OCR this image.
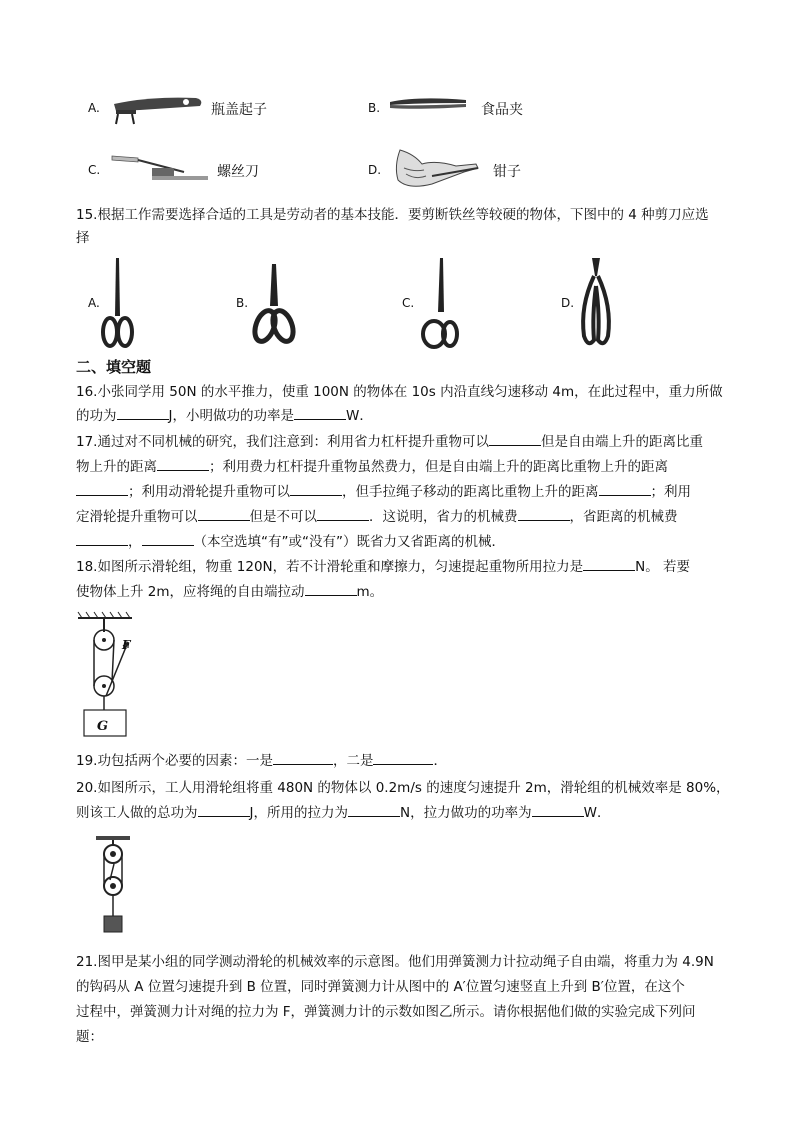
A.	瓶盖起子	B.	食品夹
C.	螺丝刀	D.	钳子
15.根据工作需要选择合适的工具是劳动者的基本技能．要剪断铁丝等较硬的物体，下图中的 4 种剪刀应选
择
A.	B.	C.	D.
二、填空题
16.小张同学用 50N 的水平推力，使重 100N 的物体在 10s 内沿直线匀速移动 4m，在此过程中，重力所做
的功为	J，小明做功的功率是	W．
17.通过对不同机械的研究，我们注意到：利用省力杠杆提升重物可以	但是自由端上升的距离比重
物上升的距离	；利用费力杠杆提升重物虽然费力，但是自由端上升的距离比重物上升的距离
；利用动滑轮提升重物可以	，但手拉绳子移动的距离比重物上升的距离	；利用
定滑轮提升重物可以	但是不可以	．这说明，省力的机械费	，省距离的机械费
，	（本空选填“有”或“没有”）既省力又省距离的机械．
18.如图所示滑轮组，物重 120N，若不计滑轮重和摩擦力，匀速提起重物所用拉力是	N。 若要
使物体上升 2m，应将绳的自由端拉动	m。
F
G
19.功包括两个必要的因素：一是	，二是	．
20.如图所示，工人用滑轮组将重 480N 的物体以 0.2m/s 的速度匀速提升 2m，滑轮组的机械效率是 80%，
则该工人做的总功为	J，所用的拉力为	N，拉力做功的功率为	W．
21.图甲是某小组的同学测动滑轮的机械效率的示意图。他们用弹簧测力计拉动绳子自由端，将重力为 4.9N
的钩码从 A 位置匀速提升到 B 位置，同时弹簧测力计从图中的 A′位置匀速竖直上升到 B′位置，在这个
过程中，弹簧测力计对绳的拉力为 F，弹簧测力计的示数如图乙所示。请你根据他们做的实验完成下列问
题：
